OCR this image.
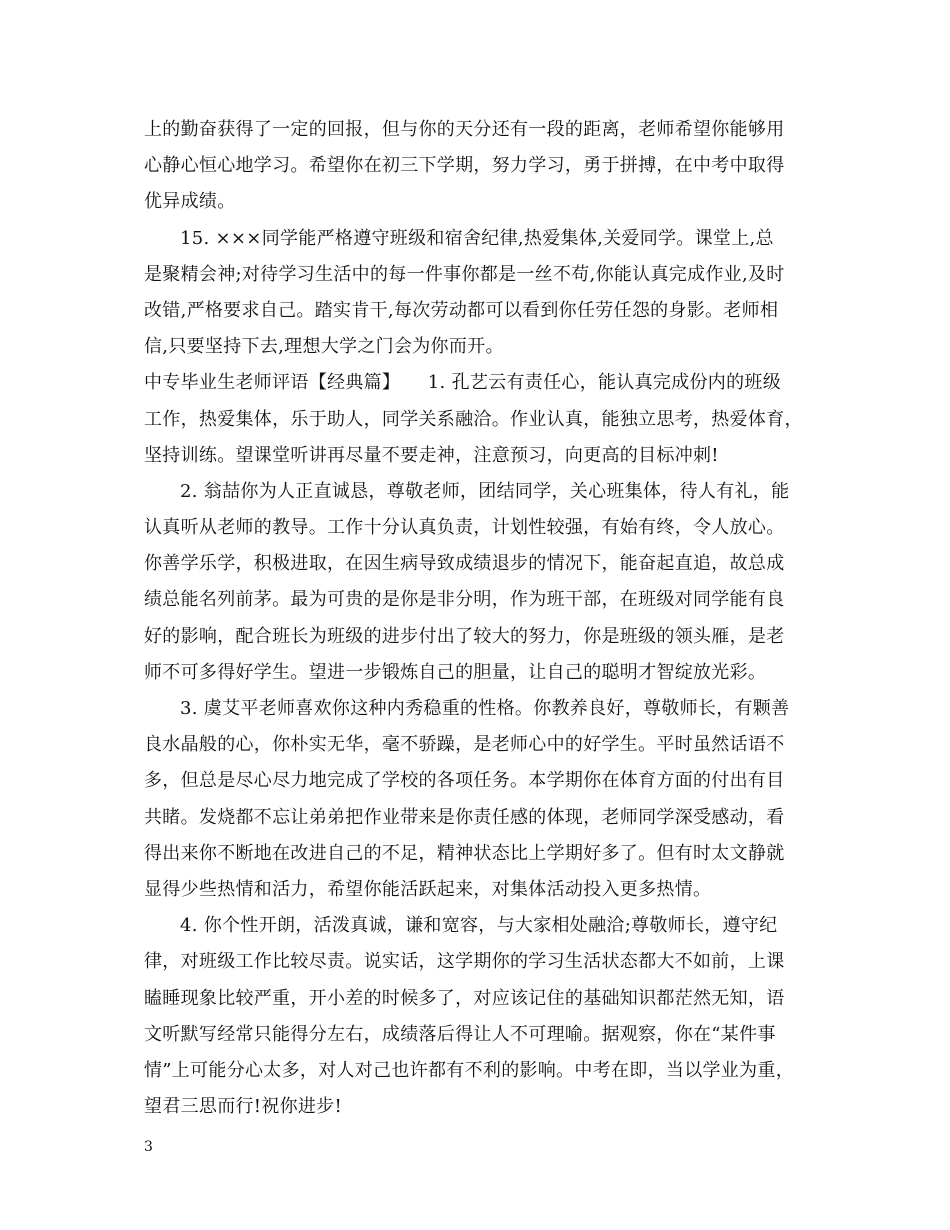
上的勤奋获得了一定的回报，但与你的天分还有一段的距离，老师希望你能够用
心静心恒心地学习。希望你在初三下学期，努力学习，勇于拼搏，在中考中取得
优异成绩。
15. ×××同学能严格遵守班级和宿舍纪律,热爱集体,关爱同学。课堂上,总
是聚精会神;对待学习生活中的每一件事你都是一丝不苟,你能认真完成作业,及时
改错,严格要求自己。踏实肯干,每次劳动都可以看到你任劳任怨的身影。老师相
信,只要坚持下去,理想大学之门会为你而开。
中专毕业生老师评语【经典篇】　　1. 孔艺云有责任心，能认真完成份内的班级
工作，热爱集体，乐于助人，同学关系融洽。作业认真，能独立思考，热爱体育，
坚持训练。望课堂听讲再尽量不要走神，注意预习，向更高的目标冲刺!
2. 翁喆你为人正直诚恳，尊敬老师，团结同学，关心班集体，待人有礼，能
认真听从老师的教导。工作十分认真负责，计划性较强，有始有终，令人放心。
你善学乐学，积极进取，在因生病导致成绩退步的情况下，能奋起直追，故总成
绩总能名列前茅。最为可贵的是你是非分明，作为班干部，在班级对同学能有良
好的影响，配合班长为班级的进步付出了较大的努力，你是班级的领头雁，是老
师不可多得好学生。望进一步锻炼自己的胆量，让自己的聪明才智绽放光彩。
3. 虞艾平老师喜欢你这种内秀稳重的性格。你教养良好，尊敬师长，有颗善
良水晶般的心，你朴实无华，毫不骄躁，是老师心中的好学生。平时虽然话语不
多，但总是尽心尽力地完成了学校的各项任务。本学期你在体育方面的付出有目
共睹。发烧都不忘让弟弟把作业带来是你责任感的体现，老师同学深受感动，看
得出来你不断地在改进自己的不足，精神状态比上学期好多了。但有时太文静就
显得少些热情和活力，希望你能活跃起来，对集体活动投入更多热情。
4. 你个性开朗，活泼真诚，谦和宽容，与大家相处融洽;尊敬师长，遵守纪
律，对班级工作比较尽责。说实话，这学期你的学习生活状态都大不如前，上课
瞌睡现象比较严重，开小差的时候多了，对应该记住的基础知识都茫然无知，语
文听默写经常只能得分左右，成绩落后得让人不可理喻。据观察，你在“某件事
情”上可能分心太多，对人对己也许都有不利的影响。中考在即，当以学业为重，
望君三思而行!祝你进步!
3
